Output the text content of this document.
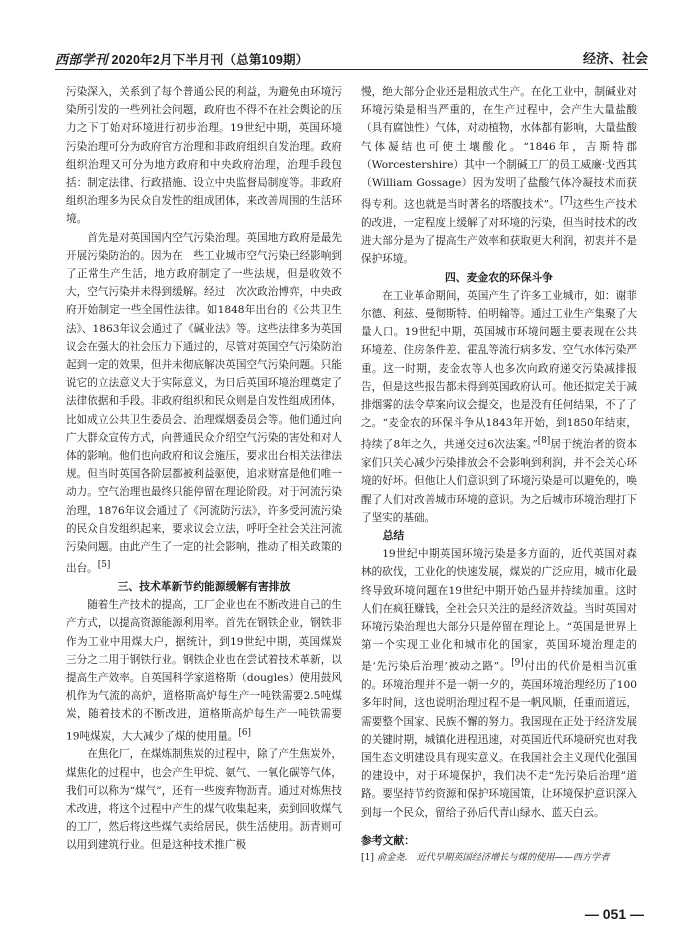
西部学刊 2020年2月下半月刊（总第109期）	经济、社会

污染深入，关系到了每个普通公民的利益，为避免由环境污染所引发的一些列社会问题，政府也不得不在社会舆论的压力之下丁始对环境进行初步治理。19世纪中期，英国环境污染治理可分为政府官方治理和非政府组织自发治理。政府组织治理又可分为地方政府和中央政府治理，治理手段包括：制定法律、行政措施、设立中央监督局制度等。非政府组织治理多为民众自发性的组成团体，来改善周围的生活环境。

首先是对英国国内空气污染治理。英国地方政府是最先开展污染防治的。因为在　些工业城市空气污染已经影响到了正常生产生活，地方政府制定了一些法规，但是收效不大，空气污染并未得到缓解。经过　次次政治博弈，中央政府开始制定一些全国性法律。如1848年出台的《公共卫生法》、1863年议会通过了《碱业法》等。这些法律多为英国议会在强大的社会压力下通过的，尽管对英国空气污染防治起到一定的效果，但并未彻底解决英国空气污染问题。只能说它的立法意义大于实际意义，为日后英国环境治理奠定了法律依据和手段。非政府组织和民众则是自发性组成团体，比如成立公共卫生委员会、治理煤烟委员会等。他们通过向广大群众宣传方式，向普通民众介绍空气污染的害处和对人体的影响。他们也向政府和议会施压，要求出台相关法律法规。但当时英国各阶层都被利益驱使，追求财富是他们唯一动力。空气治理也最终只能停留在理论阶段。对于河流污染治理，1876年议会通过了《河流防污法》，许多受河流污染的民众自发组织起来，要求议会立法，呼吁全社会关注河流污染问题。由此产生了一定的社会影响，推动了相关政策的出台。[5]

三、技术革新节约能源缓解有害排放

随着生产技术的提高，工厂企业也在不断改进自己的生产方式，以提高资源能源利用率。首先在钢铁企业，钢铁非作为工业中用煤大户，据统计，到19世纪中期，英国煤炭三分之二用于钢铁行业。钢铁企业也在尝试着技术革新，以提高生产效率。自英国科学家道格斯（dougles）使用鼓风机作为气流的高炉，道格斯高炉每生产一吨铁需要2.5吨煤炭，随着技术的不断改进，道格斯高炉每生产一吨铁需要19吨煤炭，大大减少了煤的使用量。[6]

在焦化厂，在煤炼制焦炭的过程中，除了产生焦炭外，煤焦化的过程中，也会产生甲烷、氨气、一氧化碳等气体，我们可以称为“煤气”，还有一些废弃物沥青。通过对炼焦技术改进，将这个过程中产生的煤气收集起来，卖到回收煤气的工厂，然后将这些煤气卖给居民，供生活使用。沥青则可以用到建筑行业。但是这种技术推广极

慢，绝大部分企业还是粗放式生产。在化工业中，制碱业对环境污染是相当严重的，在生产过程中，会产生大量盐酸（具有腐蚀性）气体，对动植物，水体都有影响，大量盐酸气体凝结也可使土壤酸化。“1846年，吉斯特郡（Worcestershire）其中一个制碱工厂的员工威廉·戈西其（William Gossage）因为发明了盐酸气体冷凝技术而获得专利。这也就是当时著名的塔腹技术”。[7]这些生产技术的改进，一定程度上缓解了对环境的污染，但当时技术的改进大部分是为了提高生产效率和获取更大利润，初衷并不是保护环境。

四、麦金农的环保斗争

在工业革命期间，英国产生了许多工业城市，如：谢菲尔德、利兹、曼彻斯特、伯明翰等。通过工业生产集聚了大量人口。19世纪中期，英国城市环境问题主要表现在公共环境差、住房条件差、霍乱等流行病多发、空气水体污染严重。这一时期，麦金农等人也多次向政府递交污染减排报告，但是这些报告都未得到英国政府认可。他还拟定关于减排烟雾的法令草案向议会提交，也是没有任何结果，不了了之。“麦金农的环保斗争从1843年开始，到1850年结束，持续了8年之久，共递交过6次法案。”[8]居于统治者的资本家们只关心减少污染排放会不会影响到利润，并不会关心环境的好坏。但他让人们意识到了环境污染是可以避免的，唤醒了人们对改善城市环境的意识。为之后城市环境治理打下了坚实的基础。

总结

19世纪中期英国环境污染是多方面的，近代英国对森林的砍伐，工业化的快速发展，煤炭的广泛应用，城市化最终导致环境问题在19世纪中期开始凸显并持续加重。这时人们在疯狂赚钱，全社会只关注的是经济效益。当时英国对环境污染治理也大部分只是停留在理论上。“英国是世界上第一个实现工业化和城市化的国家，英国环境治理走的是‘先污染后治理’被动之路”。[9]付出的代价是相当沉重的。环境治理并不是一朝一夕的，英国环境治理经历了100多年时间，这也说明治理过程不是一帆风顺，任重而道远，需要整个国家、民族不懈的努力。我国现在正处于经济发展的关键时期，城镇化进程迅速，对英国近代环境研究也对我国生态文明建设具有现实意义。在我国社会主义现代化强国的建设中，对于环境保护，我们决不走“先污染后治理”道路。要坚持节约资源和保护环境国策，让环境保护意识深入到每一个民众，留给子孙后代青山绿水、蓝天白云。

参考文献：
[1] 俞金尧.　近代早期英国经济增长与煤的使用——西方学者
— 051 —
